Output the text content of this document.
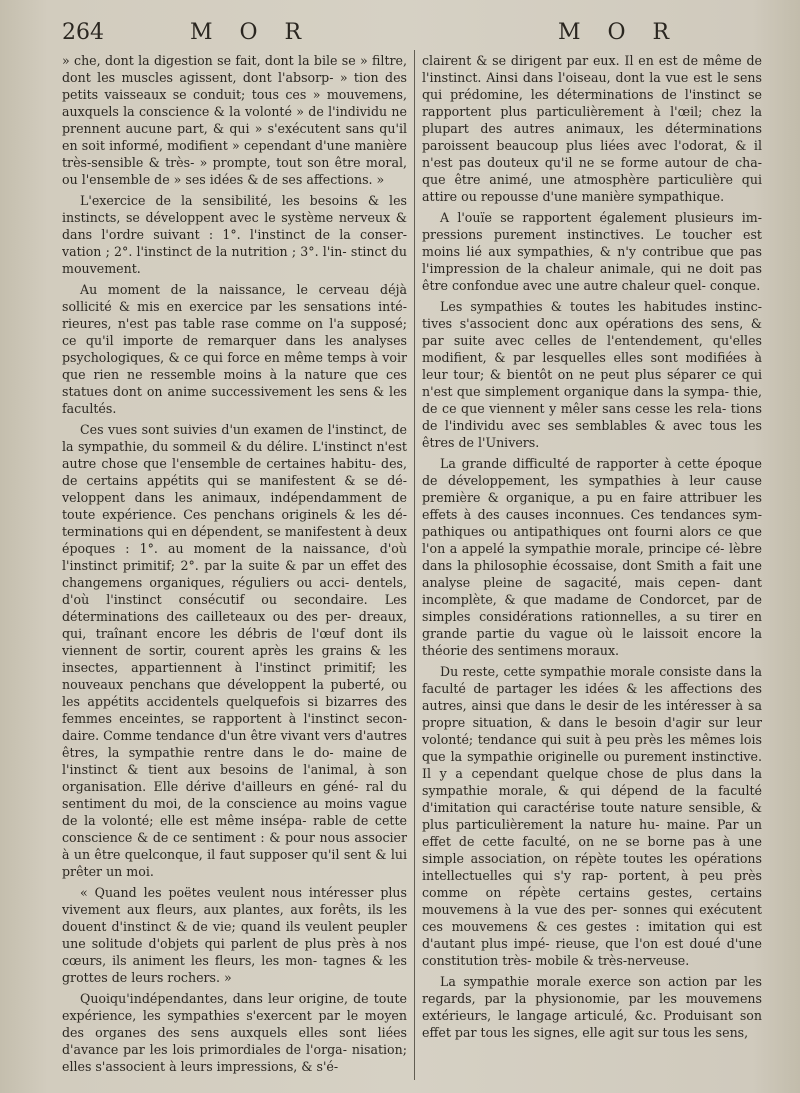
264	M O R	M O R

» che, dont la digestion se fait, dont la bile se » filtre, dont les muscles agissent, dont l'absorp- » tion des petits vaisseaux se conduit; tous ces » mouvemens, auxquels la conscience & la volonté » de l'individu ne prennent aucune part, & qui » s'exécutent sans qu'il en soit informé, modifient » cependant d'une manière très-sensible & très- » prompte, tout son être moral, ou l'ensemble de » ses idées & de ses affections. »

L'exercice de la sensibilité, les besoins & les instincts, se développent avec le système nerveux & dans l'ordre suivant : 1°. l'instinct de la conser- vation ; 2°. l'instinct de la nutrition ; 3°. l'in- stinct du mouvement.

Au moment de la naissance, le cerveau déjà sollicité & mis en exercice par les sensations inté- rieures, n'est pas table rase comme on l'a supposé; ce qu'il importe de remarquer dans les analyses psychologiques, & ce qui force en même temps à voir que rien ne ressemble moins à la nature que ces statues dont on anime successivement les sens & les facultés.

Ces vues sont suivies d'un examen de l'instinct, de la sympathie, du sommeil & du délire. L'instinct n'est autre chose que l'ensemble de certaines habitu- des, de certains appétits qui se manifestent & se dé- veloppent dans les animaux, indépendamment de toute expérience. Ces penchans originels & les dé- terminations qui en dépendent, se manifestent à deux époques : 1°. au moment de la naissance, d'où l'instinct primitif; 2°. par la suite & par un effet des changemens organiques, réguliers ou acci- dentels, d'où l'instinct consécutif ou secondaire. Les déterminations des cailleteaux ou des per- dreaux, qui, traînant encore les débris de l'œuf dont ils viennent de sortir, courent après les grains & les insectes, appartiennent à l'instinct primitif; les nouveaux penchans que développent la puberté, ou les appétits accidentels quelquefois si bizarres des femmes enceintes, se rapportent à l'instinct secon- daire. Comme tendance d'un être vivant vers d'autres êtres, la sympathie rentre dans le do- maine de l'instinct & tient aux besoins de l'animal, à son organisation. Elle dérive d'ailleurs en géné- ral du sentiment du moi, de la conscience au moins vague de la volonté; elle est même insépa- rable de cette conscience & de ce sentiment : & pour nous associer à un être quelconque, il faut supposer qu'il sent & lui prêter un moi.

« Quand les poëtes veulent nous intéresser plus vivement aux fleurs, aux plantes, aux forêts, ils les douent d'instinct & de vie; quand ils veulent peupler une solitude d'objets qui parlent de plus près à nos cœurs, ils animent les fleurs, les mon- tagnes & les grottes de leurs rochers. »

Quoiqu'indépendantes, dans leur origine, de toute expérience, les sympathies s'exercent par le moyen des organes des sens auxquels elles sont liées d'avance par les lois primordiales de l'orga- nisation; elles s'associent à leurs impressions, & s'é-

clairent & se dirigent par eux. Il en est de même de l'instinct. Ainsi dans l'oiseau, dont la vue est le sens qui prédomine, les déterminations de l'instinct se rapportent plus particulièrement à l'œil; chez la plupart des autres animaux, les déterminations paroissent beaucoup plus liées avec l'odorat, & il n'est pas douteux qu'il ne se forme autour de cha- que être animé, une atmosphère particulière qui attire ou repousse d'une manière sympathique.

A l'ouïe se rapportent également plusieurs im- pressions purement instinctives. Le toucher est moins lié aux sympathies, & n'y contribue que pas l'impression de la chaleur animale, qui ne doit pas être confondue avec une autre chaleur quel- conque.

Les sympathies & toutes les habitudes instinc- tives s'associent donc aux opérations des sens, & par suite avec celles de l'entendement, qu'elles modifient, & par lesquelles elles sont modifiées à leur tour; & bientôt on ne peut plus séparer ce qui n'est que simplement organique dans la sympa- thie, de ce que viennent y mêler sans cesse les rela- tions de l'individu avec ses semblables & avec tous les êtres de l'Univers.

La grande difficulté de rapporter à cette époque de développement, les sympathies à leur cause première & organique, a pu en faire attribuer les effets à des causes inconnues. Ces tendances sym- pathiques ou antipathiques ont fourni alors ce que l'on a appelé la sympathie morale, principe cé- lèbre dans la philosophie écossaise, dont Smith a fait une analyse pleine de sagacité, mais cepen- dant incomplète, & que madame de Condorcet, par de simples considérations rationnelles, a su tirer en grande partie du vague où le laissoit encore la théorie des sentimens moraux.

Du reste, cette sympathie morale consiste dans la faculté de partager les idées & les affections des autres, ainsi que dans le desir de les intéresser à sa propre situation, & dans le besoin d'agir sur leur volonté; tendance qui suit à peu près les mêmes lois que la sympathie originelle ou purement instinctive. Il y a cependant quelque chose de plus dans la sympathie morale, & qui dépend de la faculté d'imitation qui caractérise toute nature sensible, & plus particulièrement la nature hu- maine. Par un effet de cette faculté, on ne se borne pas à une simple association, on répète toutes les opérations intellectuelles qui s'y rap- portent, à peu près comme on répète certains gestes, certains mouvemens à la vue des per- sonnes qui exécutent ces mouvemens & ces gestes : imitation qui est d'autant plus impé- rieuse, que l'on est doué d'une constitution très- mobile & très-nerveuse.

La sympathie morale exerce son action par les regards, par la physionomie, par les mouvemens extérieurs, le langage articulé, &c. Produisant son effet par tous les signes, elle agit sur tous les sens,
